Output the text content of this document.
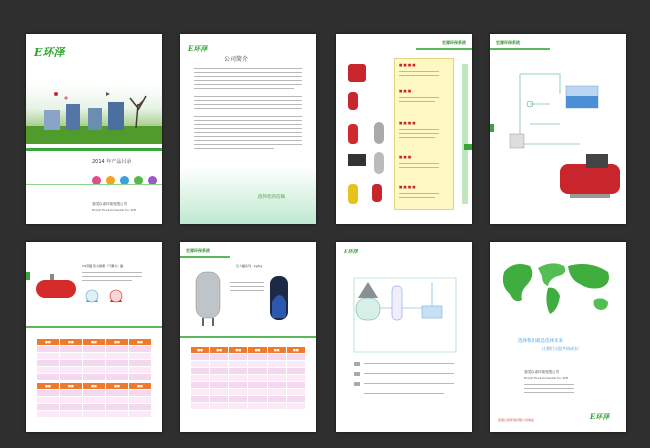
E环泽
2014 年产品目录

泰国以诺环境有限公司
Enoch Environmental Co.,LTD
E环泽
公司简介
值得您的信赖
宏源环保系统
■ ■ ■ ■
■ ■ ■
■ ■ ■ ■
■ ■ ■
■ ■ ■ ■
宏源环保系统
TG型罐 卧式隔膜（气囊式）罐
■■	■■	■■	■■	■■

■■	■■	■■	■■	■■

宏源环保系统
压力罐系列 · kg/kg
■■	■■	■■	■■	■■	■■

E环泽
选择我们就是选择未来
让我们与您共同成长！
泰国以诺环境有限公司
Enoch Environmental Co.,LTD
泰国以诺环境有限公司地址	E环泽
